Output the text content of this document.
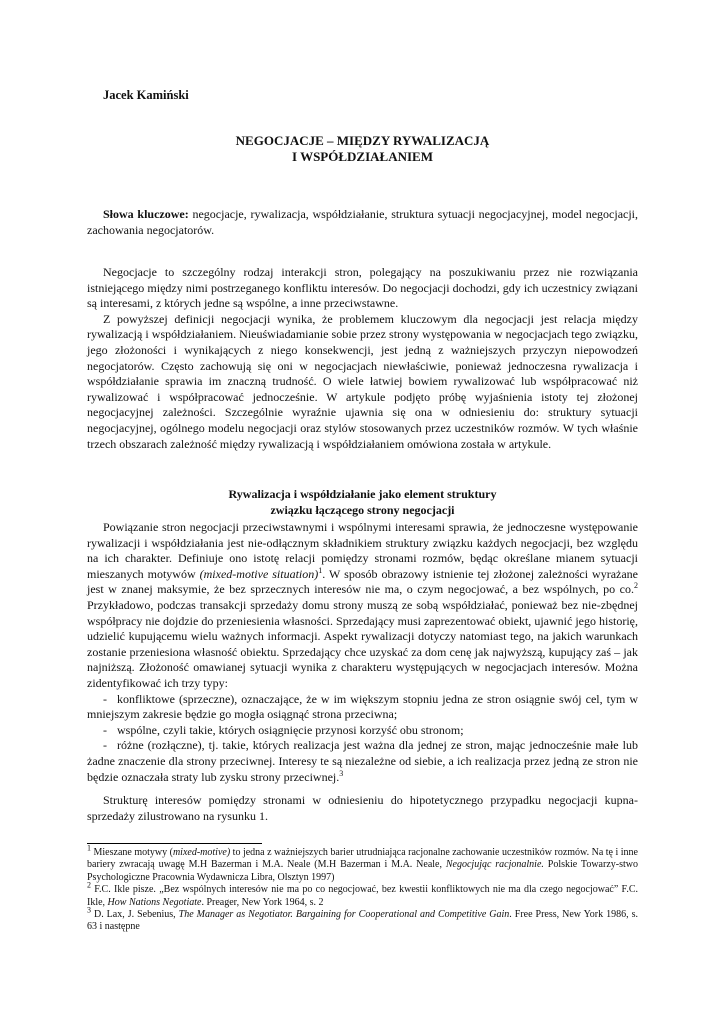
Jacek Kamiński
NEGOCJACJE – MIĘDZY RYWALIZACJĄ
I WSPÓŁDZIAŁANIEM
Słowa kluczowe: negocjacje, rywalizacja, współdziałanie, struktura sytuacji negocjacyjnej, model negocjacji, zachowania negocjatorów.

Negocjacje to szczególny rodzaj interakcji stron, polegający na poszukiwaniu przez nie rozwiązania istniejącego między nimi postrzeganego konfliktu interesów. Do negocjacji dochodzi, gdy ich uczestnicy związani są interesami, z których jedne są wspólne, a inne przeciwstawne.

Z powyższej definicji negocjacji wynika, że problemem kluczowym dla negocjacji jest relacja między rywalizacją i współdziałaniem. Nieuświadamianie sobie przez strony występowania w negocjacjach tego związku, jego złożoności i wynikających z niego konsekwencji, jest jedną z ważniejszych przyczyn niepowodzeń negocjatorów. Często zachowują się oni w negocjacjach niewłaściwie, ponieważ jednoczesna rywalizacja i współdziałanie sprawia im znaczną trudność. O wiele łatwiej bowiem rywalizować lub współpracować niż rywalizować i współpracować jednocześnie. W artykule podjęto próbę wyjaśnienia istoty tej złożonej negocjacyjnej zależności. Szczególnie wyraźnie ujawnia się ona w odniesieniu do: struktury sytuacji negocjacyjnej, ogólnego modelu negocjacji oraz stylów stosowanych przez uczestników rozmów. W tych właśnie trzech obszarach zależność między rywalizacją i współdziałaniem omówiona została w artykule.

Rywalizacja i współdziałanie jako element struktury
związku łączącego strony negocjacji

Powiązanie stron negocjacji przeciwstawnymi i wspólnymi interesami sprawia, że jednoczesne występowanie rywalizacji i współdziałania jest nie-odłącznym składnikiem struktury związku każdych negocjacji, bez względu na ich charakter. Definiuje ono istotę relacji pomiędzy stronami rozmów, będąc określane mianem sytuacji mieszanych motywów (mixed-motive situation)$^1$. W sposób obrazowy istnienie tej złożonej zależności wyrażane jest w znanej maksymie, że bez sprzecznych interesów nie ma, o czym negocjować, a bez wspólnych, po co.$^2$ Przykładowo, podczas transakcji sprzedaży domu strony muszą ze sobą współdziałać, ponieważ bez nie-zbędnej współpracy nie dojdzie do przeniesienia własności. Sprzedający musi zaprezentować obiekt, ujawnić jego historię, udzielić kupującemu wielu ważnych informacji. Aspekt rywalizacji dotyczy natomiast tego, na jakich warunkach zostanie przeniesiona własność obiektu. Sprzedający chce uzyskać za dom cenę jak najwyższą, kupujący zaś – jak najniższą. Złożoność omawianej sytuacji wynika z charakteru występujących w negocjacjach interesów. Można zidentyfikować ich trzy typy:

- konfliktowe (sprzeczne), oznaczające, że w im większym stopniu jedna ze stron osiągnie swój cel, tym w mniejszym zakresie będzie go mogła osiągnąć strona przeciwna;
- wspólne, czyli takie, których osiągnięcie przynosi korzyść obu stronom;
- różne (rozłączne), tj. takie, których realizacja jest ważna dla jednej ze stron, mając jednocześnie małe lub żadne znaczenie dla strony przeciwnej. Interesy te są niezależne od siebie, a ich realizacja przez jedną ze stron nie będzie oznaczała straty lub zysku strony przeciwnej.$^3$

Strukturę interesów pomiędzy stronami w odniesieniu do hipotetycznego przypadku negocjacji kupna-sprzedaży zilustrowano na rysunku 1.

$^1$ Mieszane motywy (mixed-motive) to jedna z ważniejszych barier utrudniająca racjonalne zachowanie uczestników rozmów. Na tę i inne bariery zwracają uwagę M.H Bazerman i M.A. Neale (M.H Bazerman i M.A. Neale, Negocjując racjonalnie. Polskie Towarzy-stwo Psychologiczne Pracownia Wydawnicza Libra, Olsztyn 1997)

$^2$ F.C. Ikle pisze. „Bez wspólnych interesów nie ma po co negocjować, bez kwestii konfliktowych nie ma dla czego negocjować” F.C. Ikle, How Nations Negotiate. Preager, New York 1964, s. 2

$^3$ D. Lax, J. Sebenius, The Manager as Negotiator. Bargaining for Cooperational and Competitive Gain. Free Press, New York 1986, s. 63 i następne
